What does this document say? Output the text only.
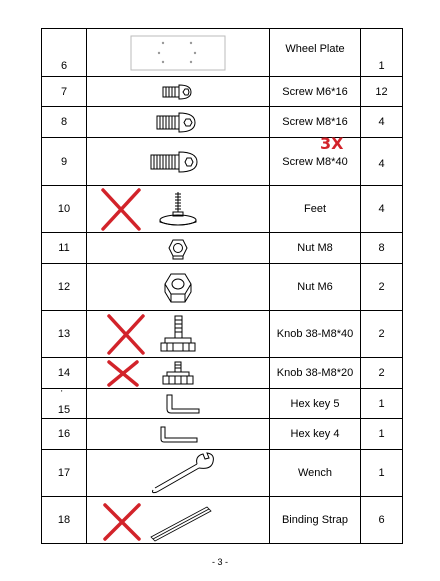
6		Wheel Plate	1
7		Screw M6*16	12
8		Screw M8*16	4
9		Screw M8*40	4
10		Feet	4
11		Nut M8	8
12		Nut M6	2
13		Knob 38-M8*40	2
14		Knob 38-M8*20	2

'
15		Hex key 5	1
16		Hex key 4	1
17		Wench	1
18		Binding Strap	6
3X
- 3 -
